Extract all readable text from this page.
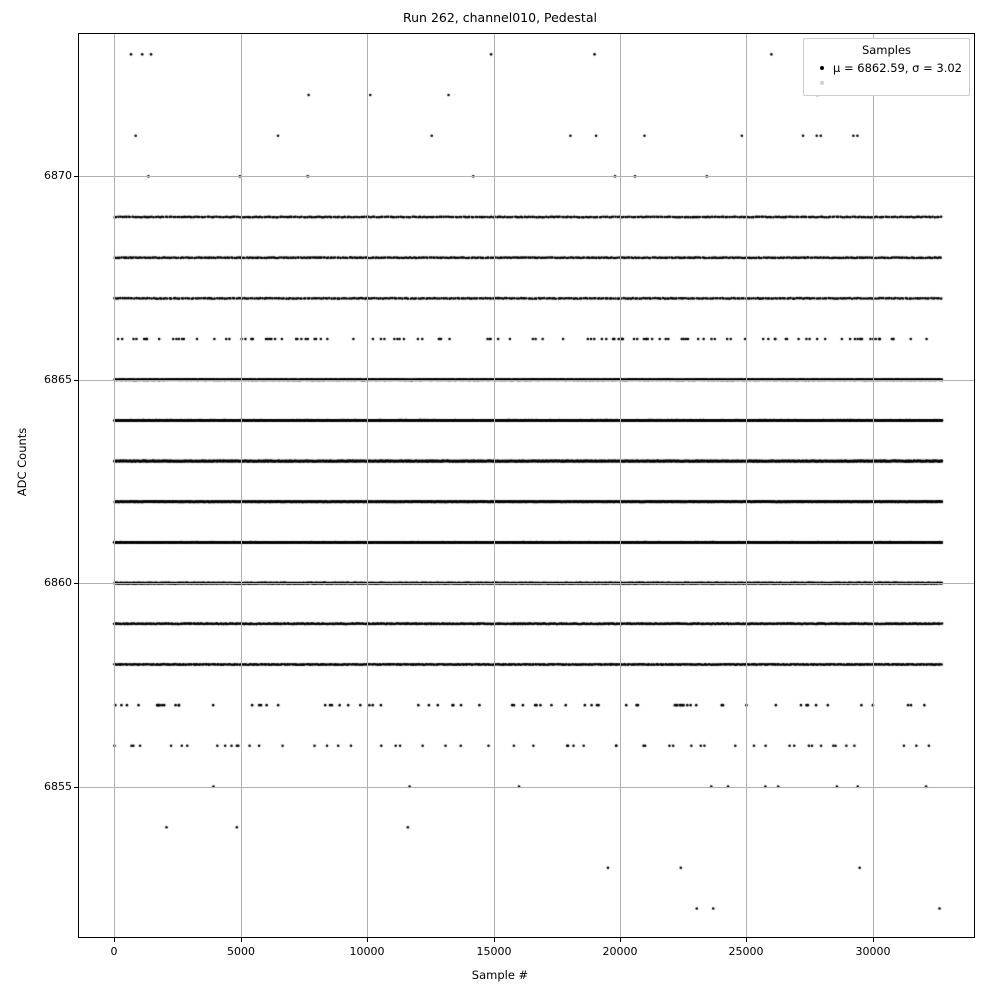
Run 262, channel010, Pedestal
Samples
μ = 6862.59, σ = 3.02

0	5000	10000	15000	20000	25000	30000
6855
6860
6865
6870
Sample #
ADC Counts
